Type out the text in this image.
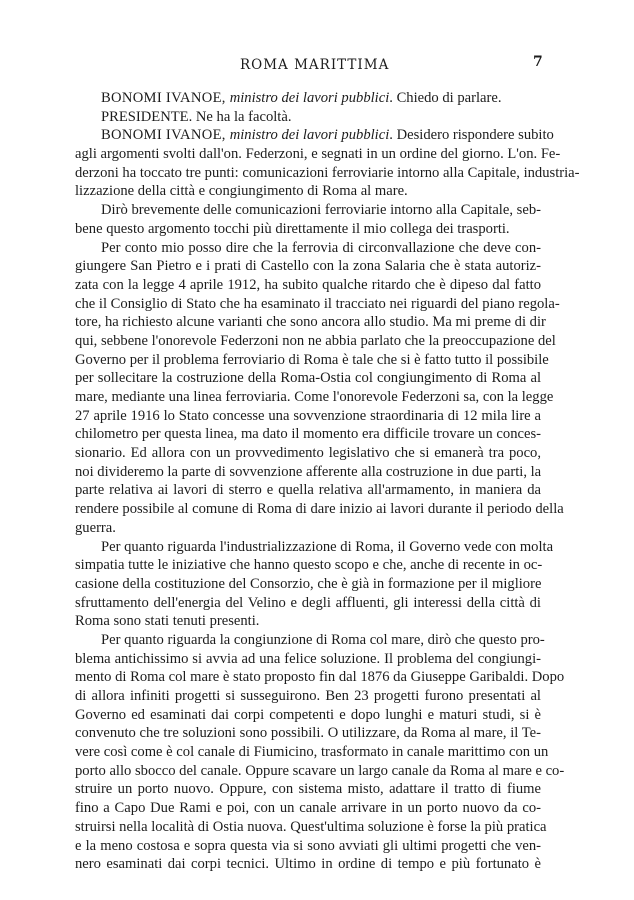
ROMA MARITTIMA	7
BONOMI IVANOE, ministro dei lavori pubblici. Chiedo di parlare.
PRESIDENTE. Ne ha la facoltà.
BONOMI IVANOE, ministro dei lavori pubblici. Desidero rispondere subito
agli argomenti svolti dall'on. Federzoni, e segnati in un ordine del giorno. L'on. Fe-
derzoni ha toccato tre punti: comunicazioni ferroviarie intorno alla Capitale, industria-
lizzazione della città e congiungimento di Roma al mare.
Dirò brevemente delle comunicazioni ferroviarie intorno alla Capitale, seb-
bene questo argomento tocchi più direttamente il mio collega dei trasporti.
Per conto mio posso dire che la ferrovia di circonvallazione che deve con-
giungere San Pietro e i prati di Castello con la zona Salaria che è stata autoriz-
zata con la legge 4 aprile 1912, ha subito qualche ritardo che è dipeso dal fatto
che il Consiglio di Stato che ha esaminato il tracciato nei riguardi del piano regola-
tore, ha richiesto alcune varianti che sono ancora allo studio. Ma mi preme di dir
qui, sebbene l'onorevole Federzoni non ne abbia parlato che la preoccupazione del
Governo per il problema ferroviario di Roma è tale che si è fatto tutto il possibile
per sollecitare la costruzione della Roma-Ostia col congiungimento di Roma al
mare, mediante una linea ferroviaria. Come l'onorevole Federzoni sa, con la legge
27 aprile 1916 lo Stato concesse una sovvenzione straordinaria di 12 mila lire a
chilometro per questa linea, ma dato il momento era difficile trovare un conces-
sionario. Ed allora con un provvedimento legislativo che si emanerà tra poco,
noi divideremo la parte di sovvenzione afferente alla costruzione in due parti, la
parte relativa ai lavori di sterro e quella relativa all'armamento, in maniera da
rendere possibile al comune di Roma di dare inizio ai lavori durante il periodo della
guerra.
Per quanto riguarda l'industrializzazione di Roma, il Governo vede con molta
simpatia tutte le iniziative che hanno questo scopo e che, anche di recente in oc-
casione della costituzione del Consorzio, che è già in formazione per il migliore
sfruttamento dell'energia del Velino e degli affluenti, gli interessi della città di
Roma sono stati tenuti presenti.
Per quanto riguarda la congiunzione di Roma col mare, dirò che questo pro-
blema antichissimo si avvia ad una felice soluzione. Il problema del congiungi-
mento di Roma col mare è stato proposto fin dal 1876 da Giuseppe Garibaldi. Dopo
di allora infiniti progetti si susseguirono. Ben 23 progetti furono presentati al
Governo ed esaminati dai corpi competenti e dopo lunghi e maturi studi, si è
convenuto che tre soluzioni sono possibili. O utilizzare, da Roma al mare, il Te-
vere così come è col canale di Fiumicino, trasformato in canale marittimo con un
porto allo sbocco del canale. Oppure scavare un largo canale da Roma al mare e co-
struire un porto nuovo. Oppure, con sistema misto, adattare il tratto di fiume
fino a Capo Due Rami e poi, con un canale arrivare in un porto nuovo da co-
struirsi nella località di Ostia nuova. Quest'ultima soluzione è forse la più pratica
e la meno costosa e sopra questa via si sono avviati gli ultimi progetti che ven-
nero esaminati dai corpi tecnici. Ultimo in ordine di tempo e più fortunato è
